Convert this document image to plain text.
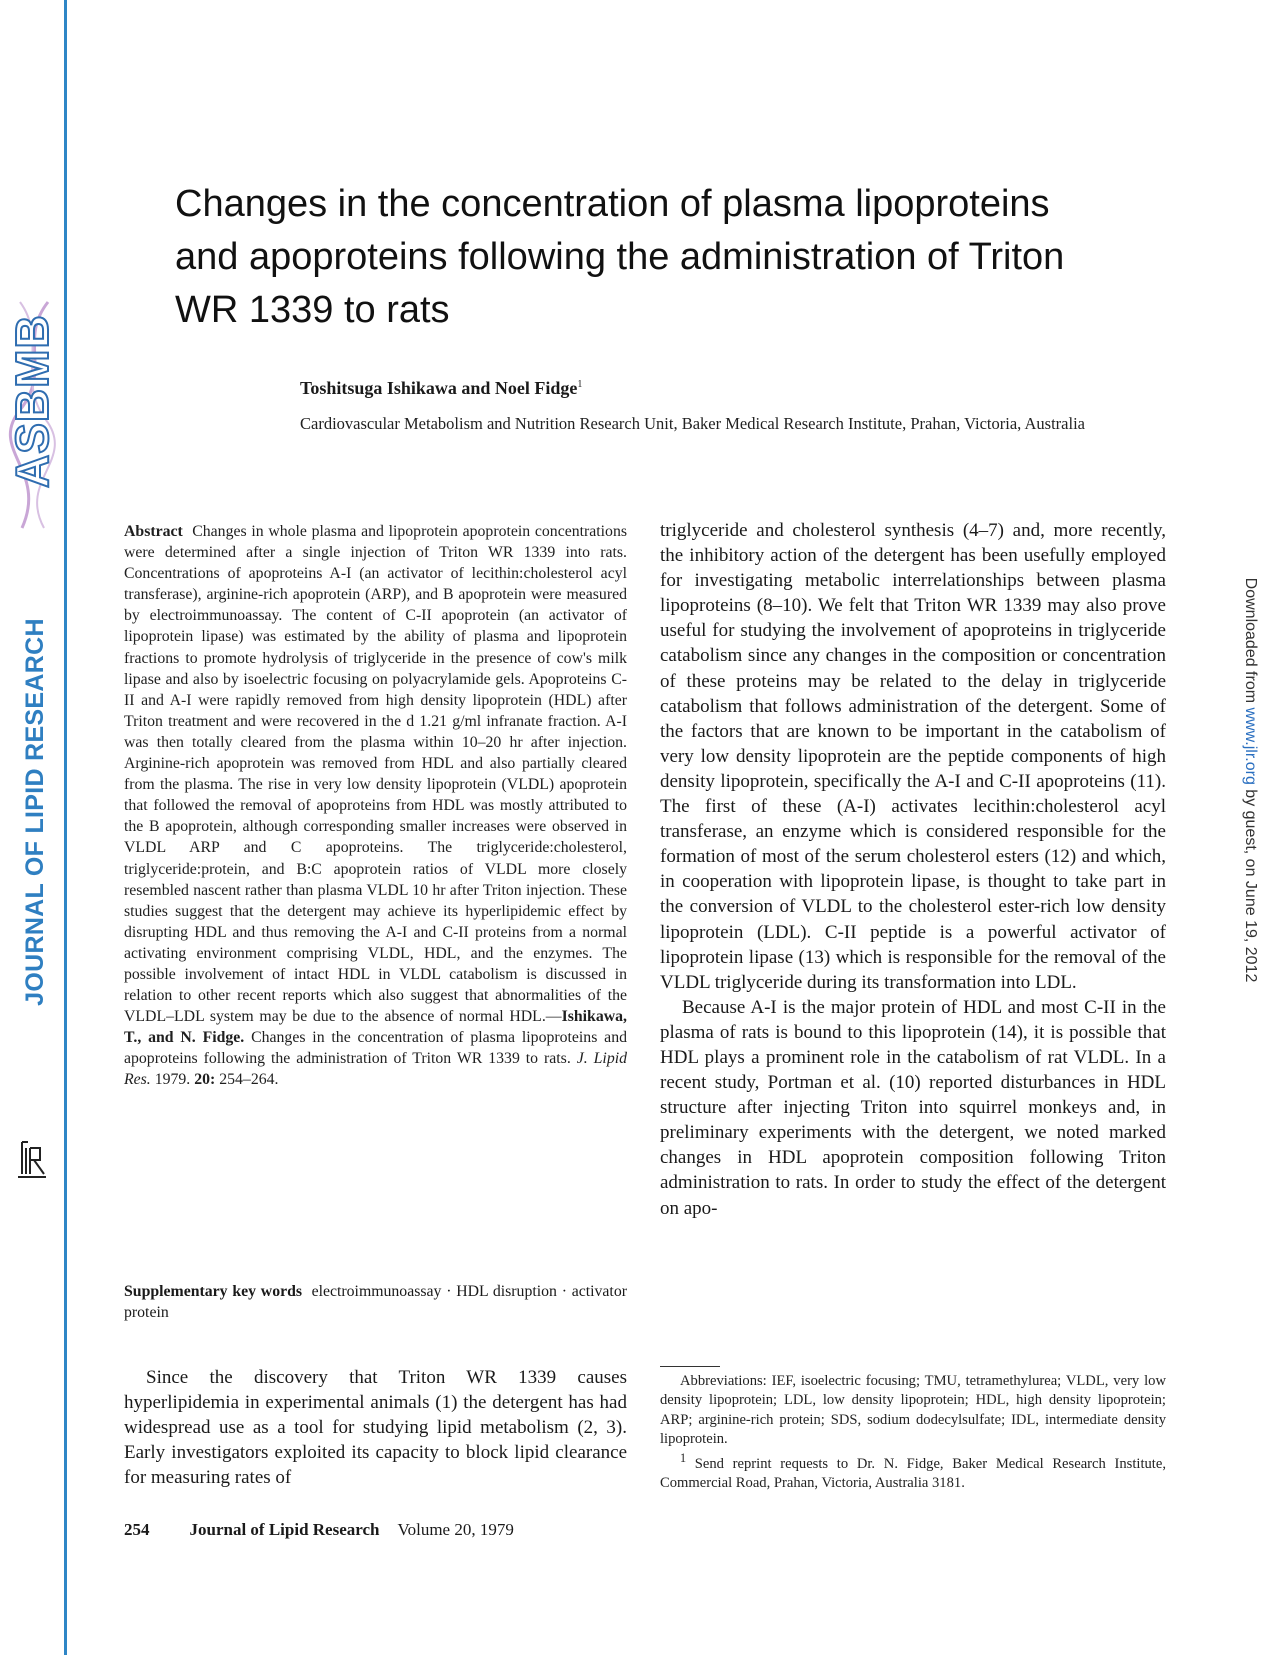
ASBMB
JOURNAL OF LIPID RESEARCH	Downloaded from www.jlr.org by guest, on June 19, 2012
Changes in the concentration of plasma lipoproteins and apoproteins following the administration of Triton WR 1339 to rats

Toshitsuga Ishikawa and Noel Fidge$^1$

Cardiovascular Metabolism and Nutrition Research Unit, Baker Medical Research Institute, Prahan, Victoria, Australia

Abstract Changes in whole plasma and lipoprotein apoprotein concentrations were determined after a single injection of Triton WR 1339 into rats. Concentrations of apoproteins A-I (an activator of lecithin:cholesterol acyl transferase), arginine-rich apoprotein (ARP), and B apoprotein were measured by electroimmunoassay. The content of C-II apoprotein (an activator of lipoprotein lipase) was estimated by the ability of plasma and lipoprotein fractions to promote hydrolysis of triglyceride in the presence of cow's milk lipase and also by isoelectric focusing on polyacrylamide gels. Apoproteins C-II and A-I were rapidly removed from high density lipoprotein (HDL) after Triton treatment and were recovered in the d 1.21 g/ml infranate fraction. A-I was then totally cleared from the plasma within 10–20 hr after injection. Arginine-rich apoprotein was removed from HDL and also partially cleared from the plasma. The rise in very low density lipoprotein (VLDL) apoprotein that followed the removal of apoproteins from HDL was mostly attributed to the B apoprotein, although corresponding smaller increases were observed in VLDL ARP and C apoproteins. The triglyceride:cholesterol, triglyceride:protein, and B:C apoprotein ratios of VLDL more closely resembled nascent rather than plasma VLDL 10 hr after Triton injection. These studies suggest that the detergent may achieve its hyperlipidemic effect by disrupting HDL and thus removing the A-I and C-II proteins from a normal activating environment comprising VLDL, HDL, and the enzymes. The possible involvement of intact HDL in VLDL catabolism is discussed in relation to other recent reports which also suggest that abnormalities of the VLDL–LDL system may be due to the absence of normal HDL.—Ishikawa, T., and N. Fidge. Changes in the concentration of plasma lipoproteins and apoproteins following the administration of Triton WR 1339 to rats. J. Lipid Res. 1979. 20: 254–264.

Supplementary key words electroimmunoassay · HDL disruption · activator protein

Since the discovery that Triton WR 1339 causes hyperlipidemia in experimental animals (1) the detergent has had widespread use as a tool for studying lipid metabolism (2, 3). Early investigators exploited its capacity to block lipid clearance for measuring rates of

triglyceride and cholesterol synthesis (4–7) and, more recently, the inhibitory action of the detergent has been usefully employed for investigating metabolic interrelationships between plasma lipoproteins (8–10). We felt that Triton WR 1339 may also prove useful for studying the involvement of apoproteins in triglyceride catabolism since any changes in the composition or concentration of these proteins may be related to the delay in triglyceride catabolism that follows administration of the detergent. Some of the factors that are known to be important in the catabolism of very low density lipoprotein are the peptide components of high density lipoprotein, specifically the A-I and C-II apoproteins (11). The first of these (A-I) activates lecithin:cholesterol acyl transferase, an enzyme which is considered responsible for the formation of most of the serum cholesterol esters (12) and which, in cooperation with lipoprotein lipase, is thought to take part in the conversion of VLDL to the cholesterol ester-rich low density lipoprotein (LDL). C-II peptide is a powerful activator of lipoprotein lipase (13) which is responsible for the removal of the VLDL triglyceride during its transformation into LDL.

Because A-I is the major protein of HDL and most C-II in the plasma of rats is bound to this lipoprotein (14), it is possible that HDL plays a prominent role in the catabolism of rat VLDL. In a recent study, Portman et al. (10) reported disturbances in HDL structure after injecting Triton into squirrel monkeys and, in preliminary experiments with the detergent, we noted marked changes in HDL apoprotein composition following Triton administration to rats. In order to study the effect of the detergent on apo-

Abbreviations: IEF, isoelectric focusing; TMU, tetramethylurea; VLDL, very low density lipoprotein; LDL, low density lipoprotein; HDL, high density lipoprotein; ARP; arginine-rich protein; SDS, sodium dodecylsulfate; IDL, intermediate density lipoprotein.

$^1$ Send reprint requests to Dr. N. Fidge, Baker Medical Research Institute, Commercial Road, Prahan, Victoria, Australia 3181.

254 Journal of Lipid Research Volume 20, 1979
